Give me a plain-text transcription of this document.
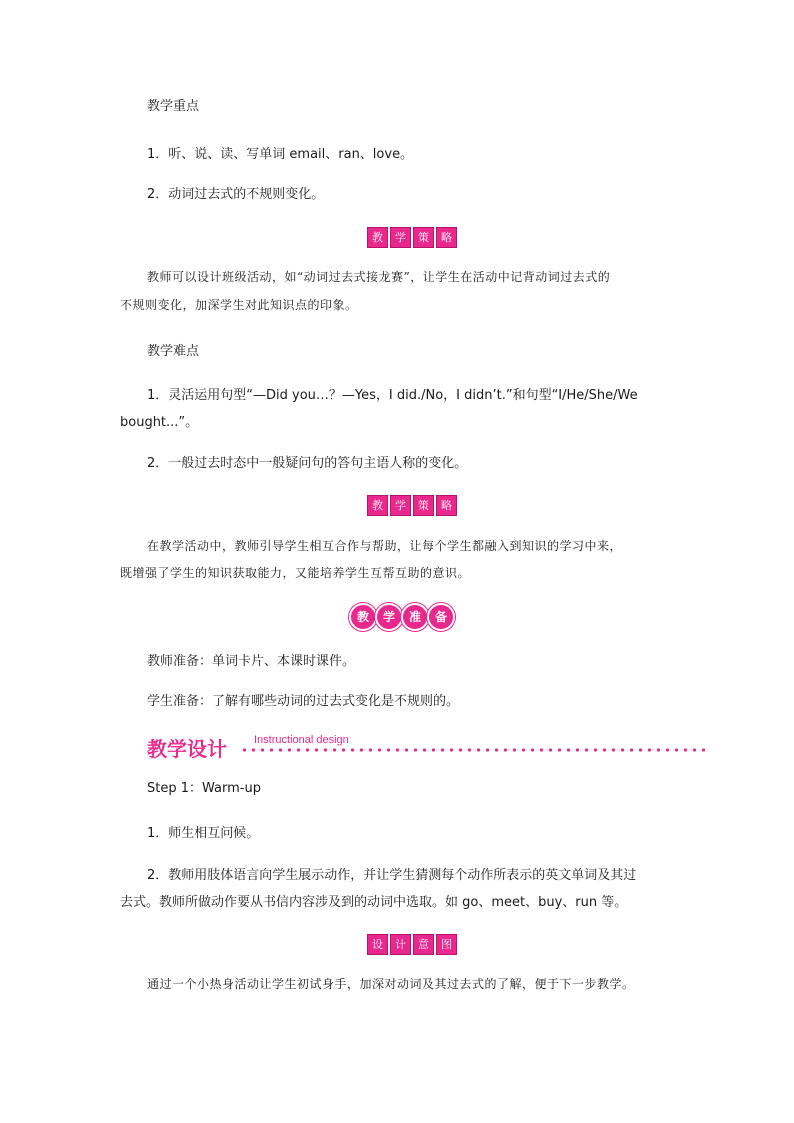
教学重点
1．听、说、读、写单词 email、ran、love。
2．动词过去式的不规则变化。
教	学	策	略
教师可以设计班级活动，如“动词过去式接龙赛”，让学生在活动中记背动词过去式的
不规则变化，加深学生对此知识点的印象。
教学难点
1．灵活运用句型“—Did you…？—Yes，I did./No，I didn’t.”和句型“I/He/She/We
bought...”。
2．一般过去时态中一般疑问句的答句主语人称的变化。
教	学	策	略
在教学活动中，教师引导学生相互合作与帮助，让每个学生都融入到知识的学习中来，
既增强了学生的知识获取能力，又能培养学生互帮互助的意识。
教	学	准	备
教师准备：单词卡片、本课时课件。
学生准备：了解有哪些动词的过去式变化是不规则的。
教学设计 Instructional design
Step 1：Warm-up
1．师生相互问候。
2．教师用肢体语言向学生展示动作，并让学生猜测每个动作所表示的英文单词及其过
去式。教师所做动作要从书信内容涉及到的动词中选取。如 go、meet、buy、run 等。
设	计	意	图
通过一个小热身活动让学生初试身手，加深对动词及其过去式的了解，便于下一步教学。
